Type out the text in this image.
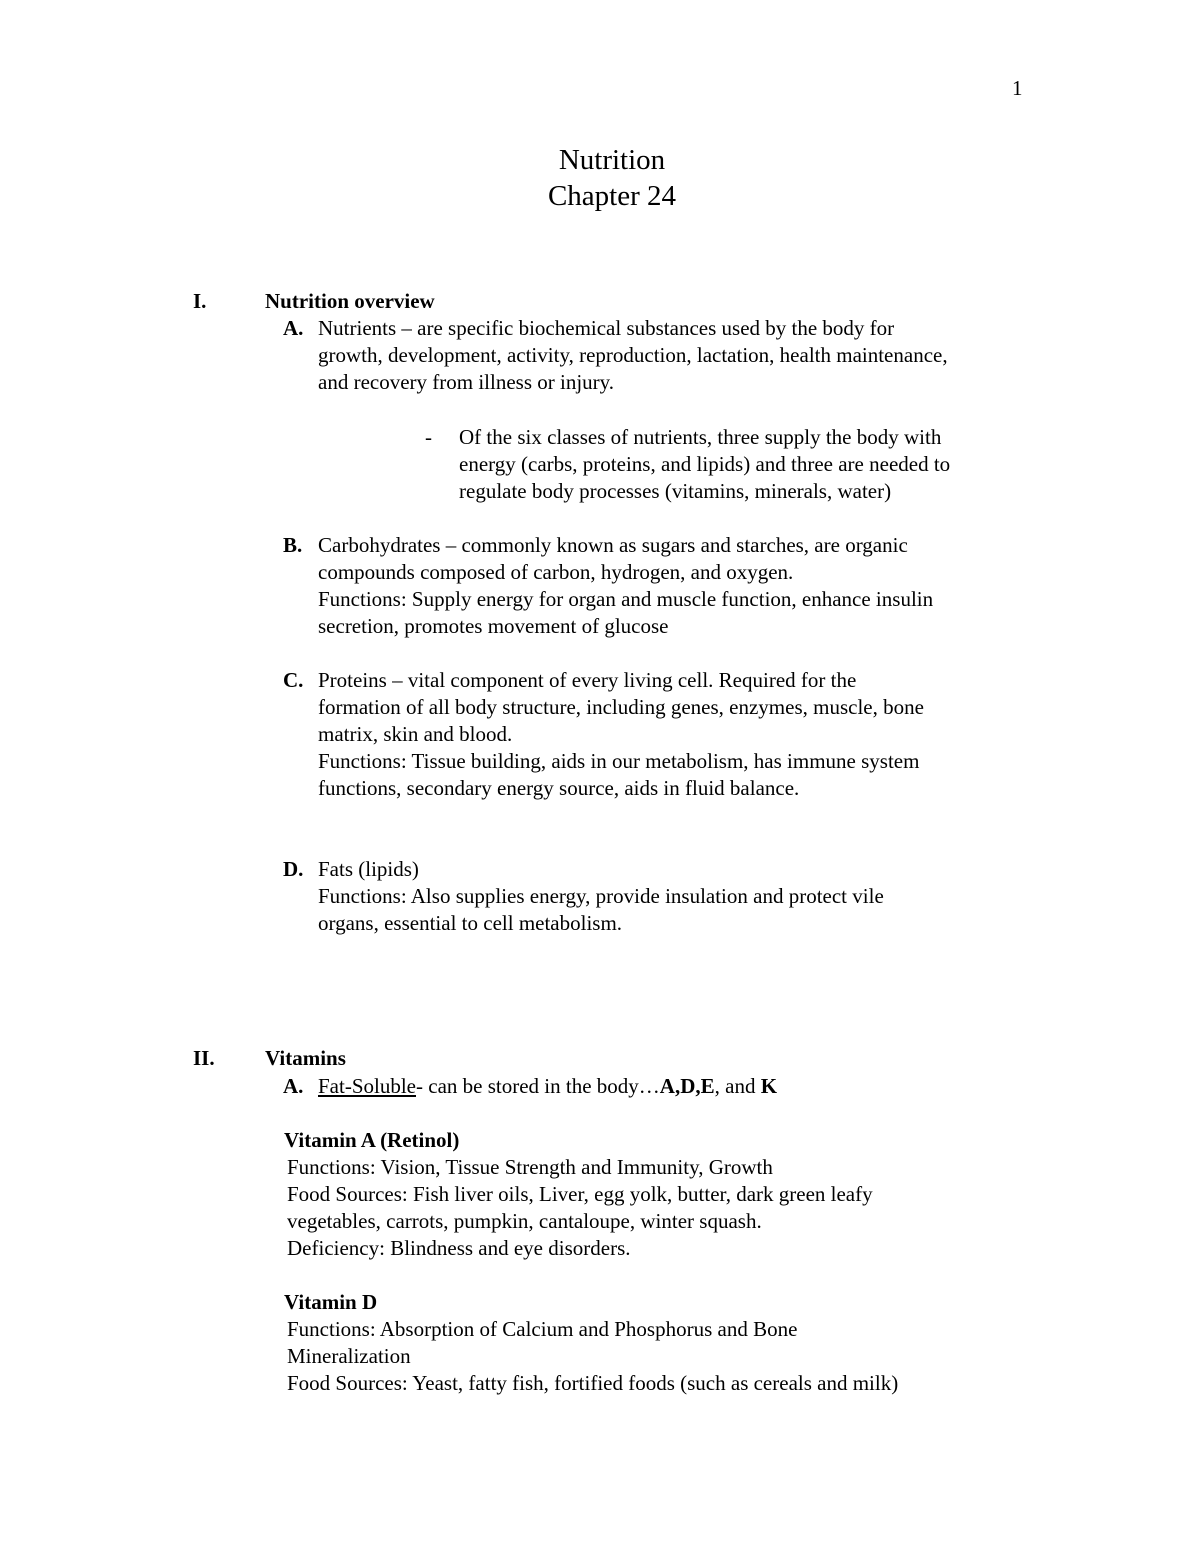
1
Nutrition
Chapter 24
I.	Nutrition overview
A. Nutrients – are specific biochemical substances used by the body for
growth, development, activity, reproduction, lactation, health maintenance,
and recovery from illness or injury.
- Of the six classes of nutrients, three supply the body with
energy (carbs, proteins, and lipids) and three are needed to
regulate body processes (vitamins, minerals, water)
B. Carbohydrates – commonly known as sugars and starches, are organic
compounds composed of carbon, hydrogen, and oxygen.
Functions: Supply energy for organ and muscle function, enhance insulin
secretion, promotes movement of glucose
C. Proteins – vital component of every living cell. Required for the
formation of all body structure, including genes, enzymes, muscle, bone
matrix, skin and blood.
Functions: Tissue building, aids in our metabolism, has immune system
functions, secondary energy source, aids in fluid balance.
D. Fats (lipids)
Functions: Also supplies energy, provide insulation and protect vile
organs, essential to cell metabolism.
II. Vitamins
A. Fat-Soluble- can be stored in the body…A,D,E, and K
Vitamin A (Retinol)
Functions: Vision, Tissue Strength and Immunity, Growth
Food Sources: Fish liver oils, Liver, egg yolk, butter, dark green leafy
vegetables, carrots, pumpkin, cantaloupe, winter squash.
Deficiency: Blindness and eye disorders.
Vitamin D
Functions: Absorption of Calcium and Phosphorus and Bone
Mineralization
Food Sources: Yeast, fatty fish, fortified foods (such as cereals and milk)
